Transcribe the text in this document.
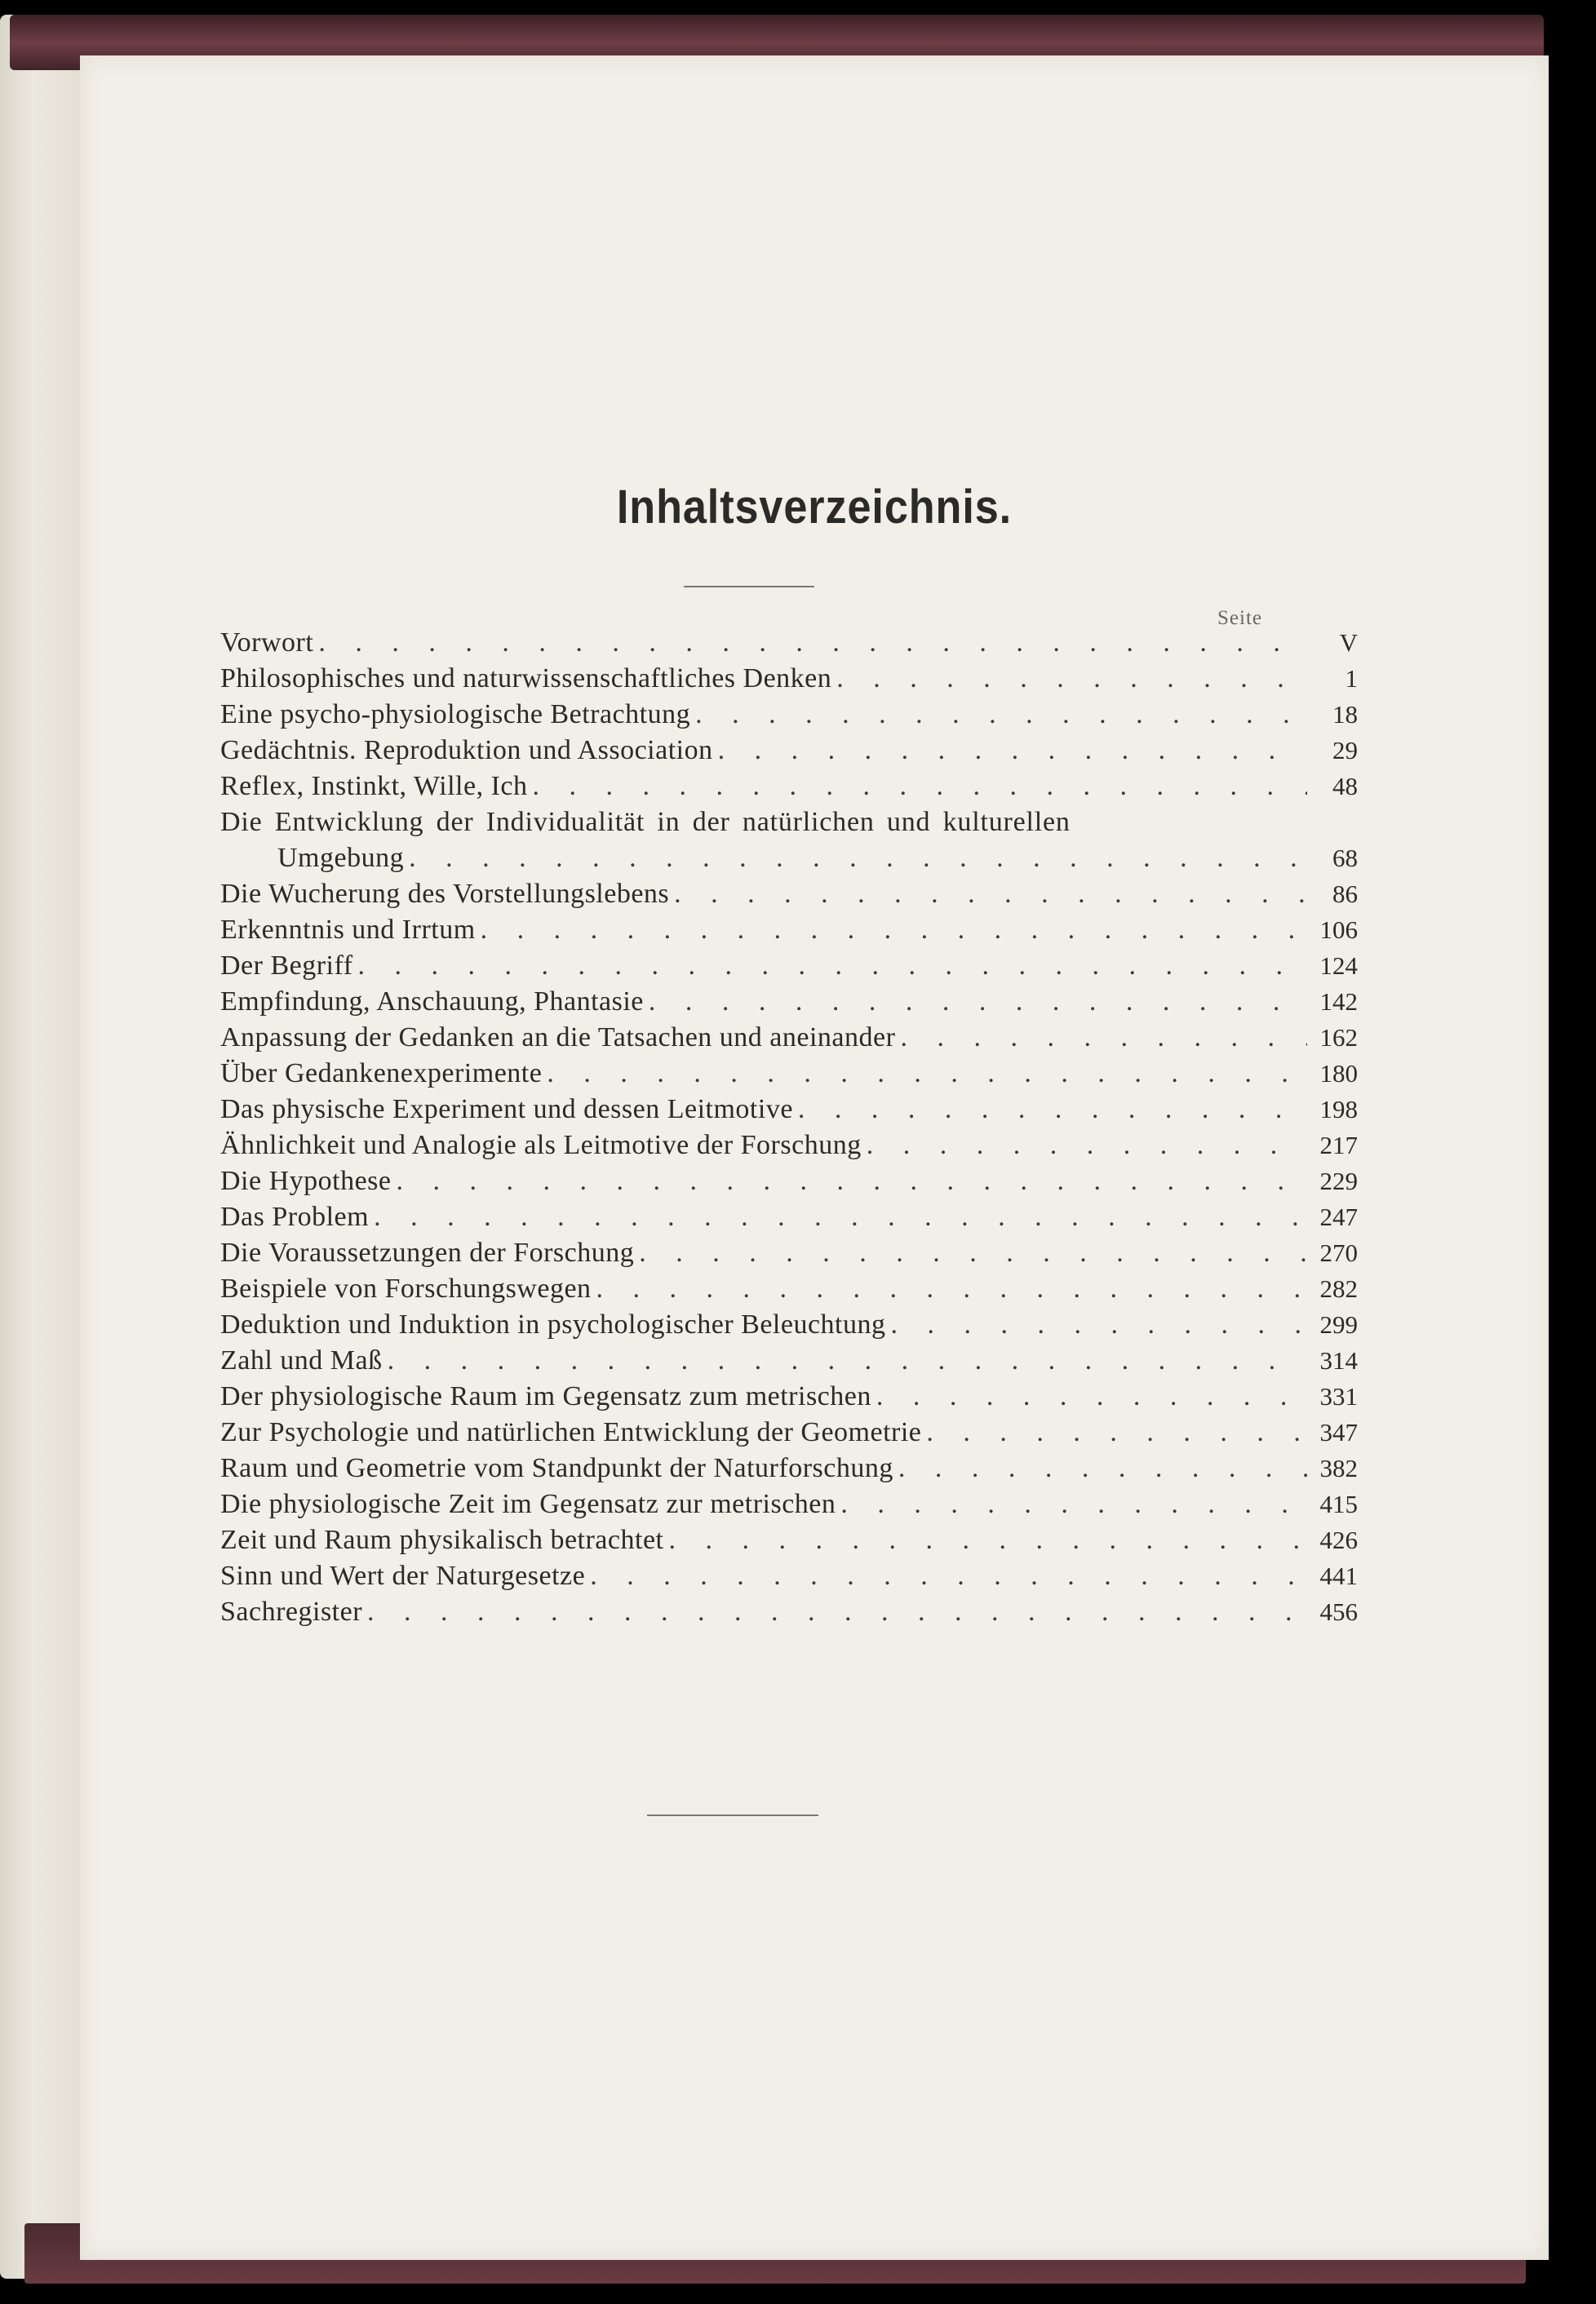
Inhaltsverzeichnis.
Seite
Vorwort . . .	V
Philosophisches und naturwissenschaftliches Denken . . .	1
Eine psycho-physiologische Betrachtung . . .	18
Gedächtnis. Reproduktion und Association . . .	29
Reflex, Instinkt, Wille, Ich . . .	48
Die Entwicklung der Individualität in der natürlichen und kulturellen
Umgebung . . .	68
Die Wucherung des Vorstellungslebens . . .	86
Erkenntnis und Irrtum . . .	106
Der Begriff . . .	124
Empfindung, Anschauung, Phantasie . . .	142
Anpassung der Gedanken an die Tatsachen und aneinander . . .	162
Über Gedankenexperimente . . .	180
Das physische Experiment und dessen Leitmotive . . .	198
Ähnlichkeit und Analogie als Leitmotive der Forschung . . .	217
Die Hypothese . . .	229
Das Problem . . .	247
Die Voraussetzungen der Forschung . . .	270
Beispiele von Forschungswegen . . .	282
Deduktion und Induktion in psychologischer Beleuchtung . . .	299
Zahl und Maß . . .	314
Der physiologische Raum im Gegensatz zum metrischen . . .	331
Zur Psychologie und natürlichen Entwicklung der Geometrie . . .	347
Raum und Geometrie vom Standpunkt der Naturforschung . . .	382
Die physiologische Zeit im Gegensatz zur metrischen . . .	415
Zeit und Raum physikalisch betrachtet . . .	426
Sinn und Wert der Naturgesetze . . .	441
Sachregister . . .	456
